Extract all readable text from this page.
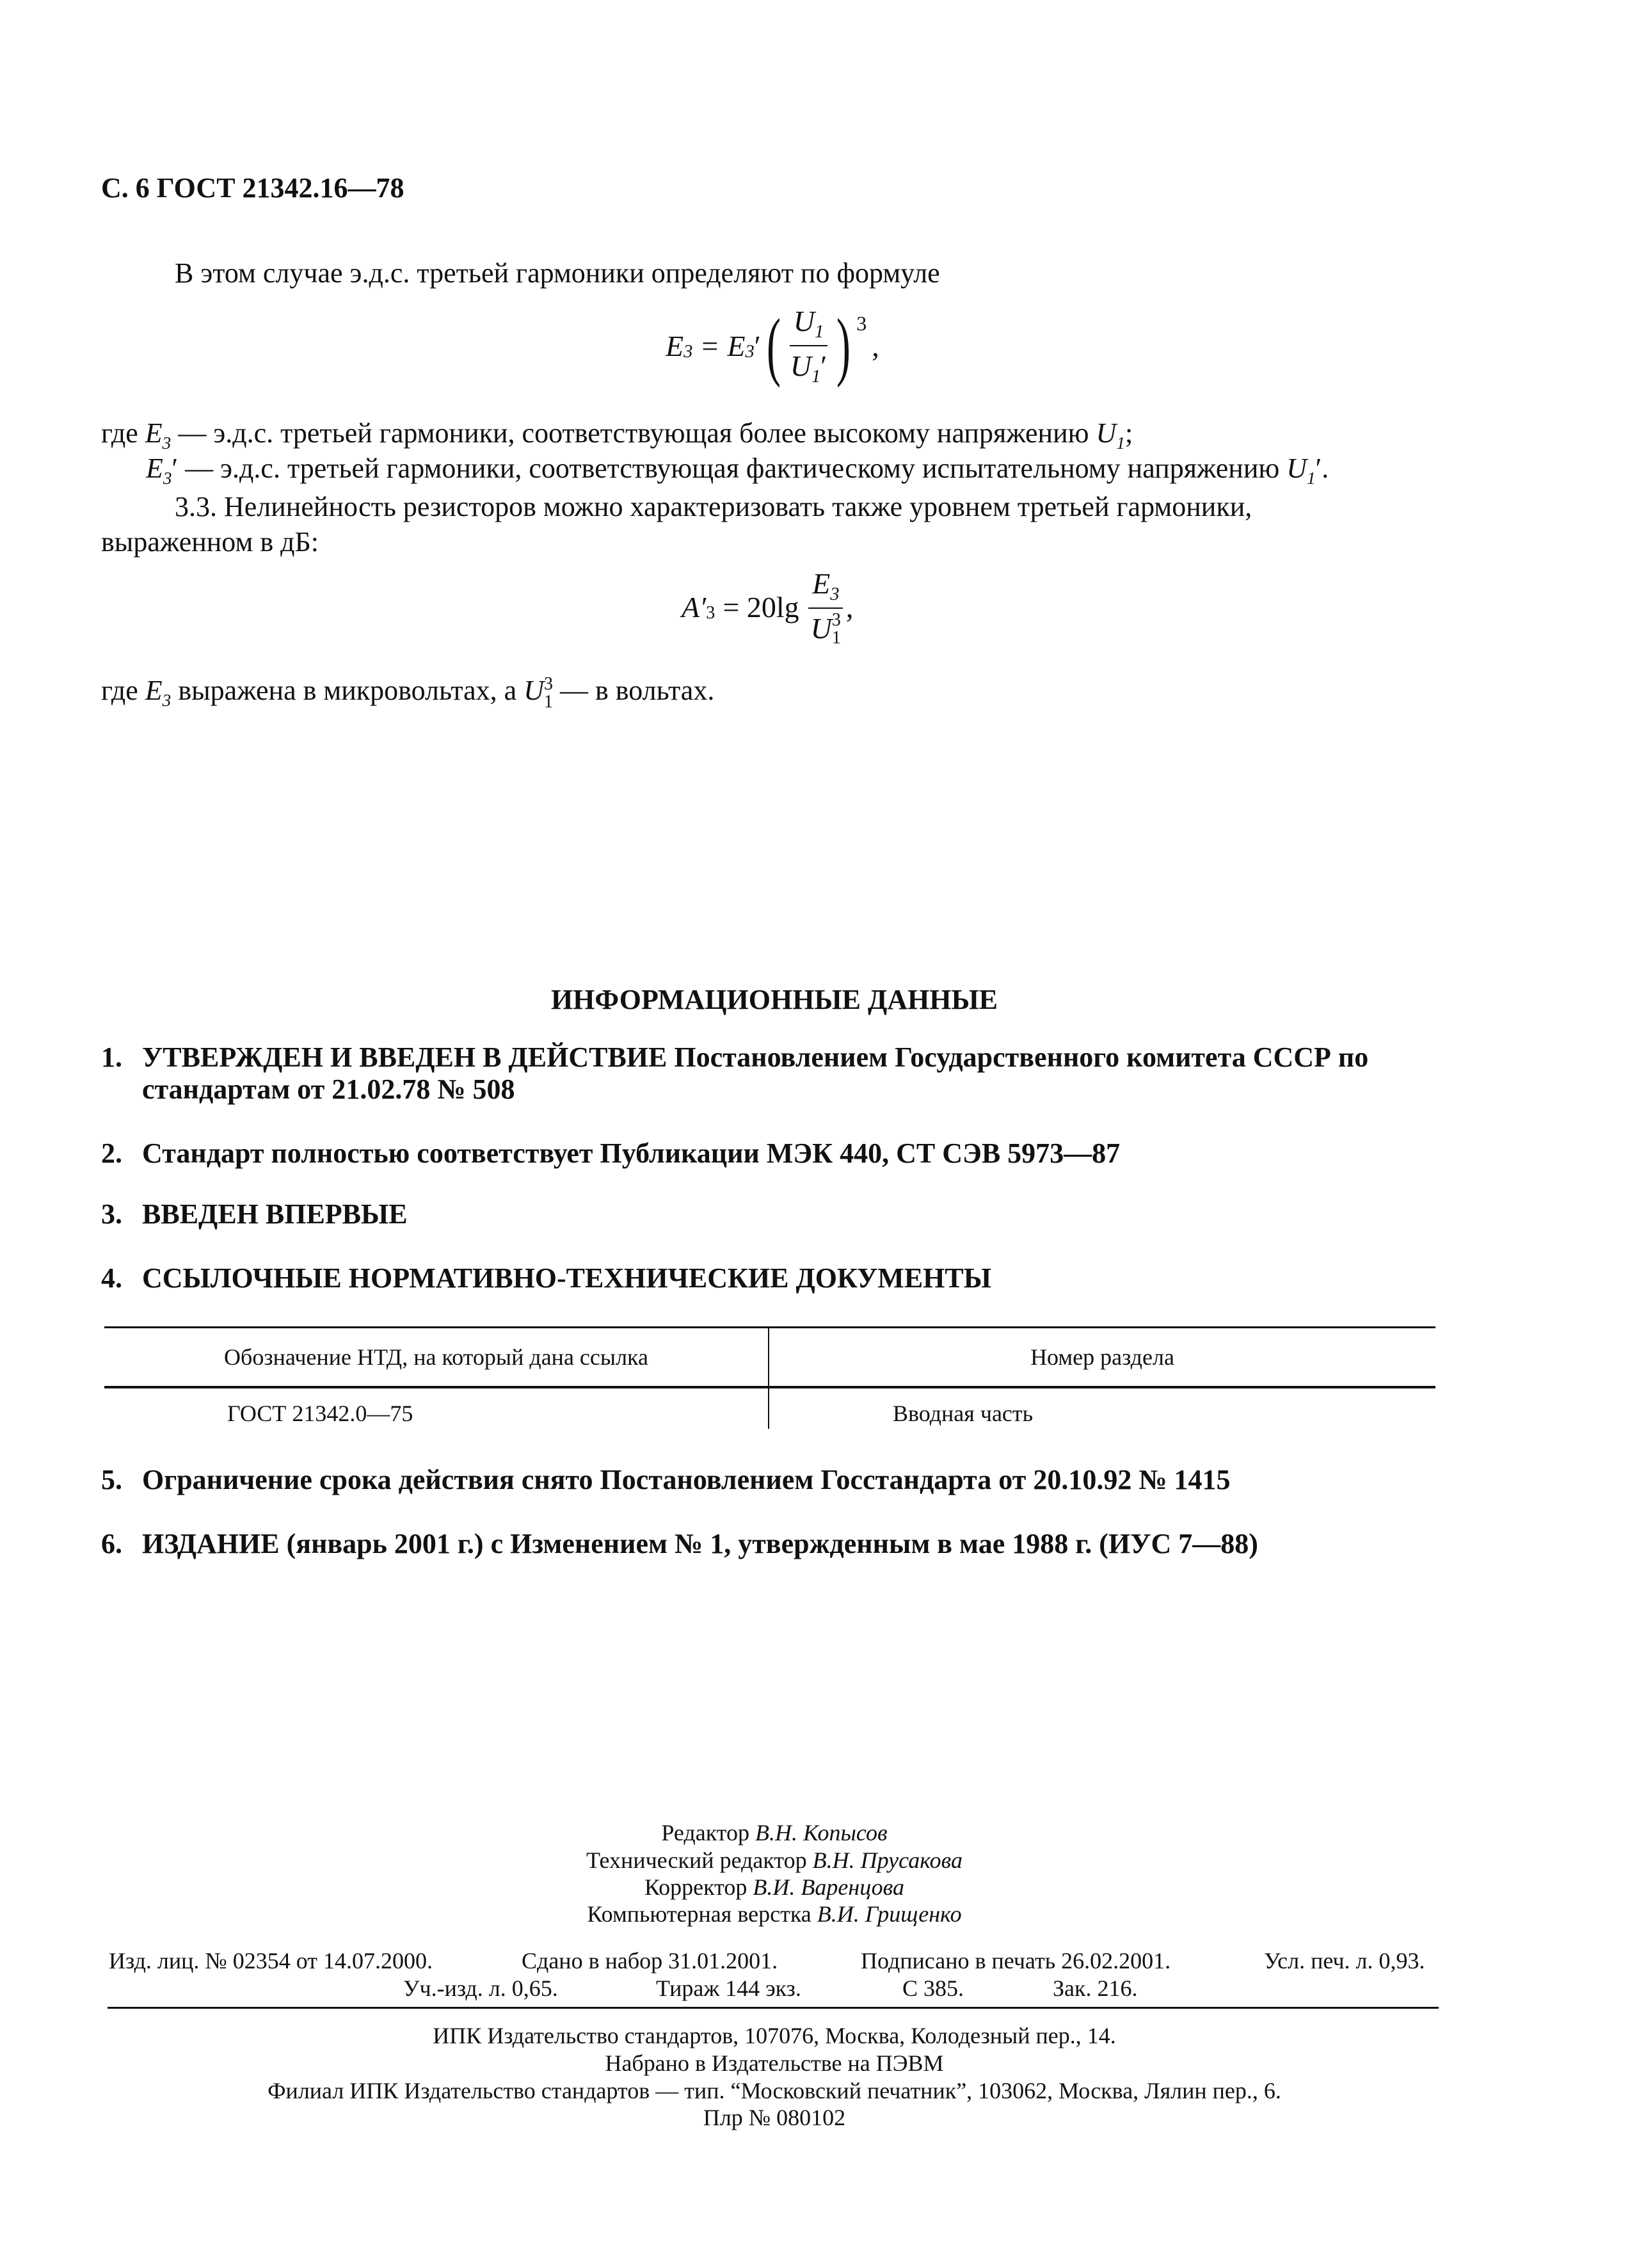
С. 6 ГОСТ 21342.16—78
В этом случае э.д.с. третьей гармоники определяют по формуле
$E_3 = E_3$ ′ ( $\frac{U_1}{U_1'}$ ) $^3$
,
где $E_3$ — э.д.с. третьей гармоники, соответствующая более высокому напряжению $U_1$;
$E_3'$ — э.д.с. третьей гармоники, соответствующая фактическому испытательному напряжению $U_1'$.
3.3. Нелинейность резисторов можно характеризовать также уровнем третьей гармоники,
выраженном в дБ:
$A'_3 = 20\lg$ $E_3$
U 3
1 ,
где $E_3$ выражена в микровольтах, а U 3
1 — в вольтах.
ИНФОРМАЦИОННЫЕ ДАННЫЕ
1. УТВЕРЖДЕН И ВВЕДЕН В ДЕЙСТВИЕ Постановлением Государственного комитета СССР по
стандартам от 21.02.78 № 508
2. Стандарт полностью соответствует Публикации МЭК 440, СТ СЭВ 5973—87
3. ВВЕДЕН ВПЕРВЫЕ
4. ССЫЛОЧНЫЕ НОРМАТИВНО-ТЕХНИЧЕСКИЕ ДОКУМЕНТЫ
Обозначение НТД, на который дана ссылка	Номер раздела
ГОСТ 21342.0—75	Вводная часть
5. Ограничение срока действия снято Постановлением Госстандарта от 20.10.92 № 1415
6. ИЗДАНИЕ (январь 2001 г.) с Изменением № 1, утвержденным в мае 1988 г. (ИУС 7—88)
Редактор В.Н. Копысов
Технический редактор В.Н. Прусакова
Корректор В.И. Варенцова
Компьютерная верстка В.И. Грищенко
Изд. лиц. № 02354 от 14.07.2000.	Сдано в набор 31.01.2001.	Подписано в печать 26.02.2001.	Усл. печ. л. 0,93.
Уч.-изд. л. 0,65.	Тираж 144 экз.	С 385.	Зак. 216.
ИПК Издательство стандартов, 107076, Москва, Колодезный пер., 14.
Набрано в Издательстве на ПЭВМ
Филиал ИПК Издательство стандартов — тип. “Московский печатник”, 103062, Москва, Лялин пер., 6.
Плр № 080102
